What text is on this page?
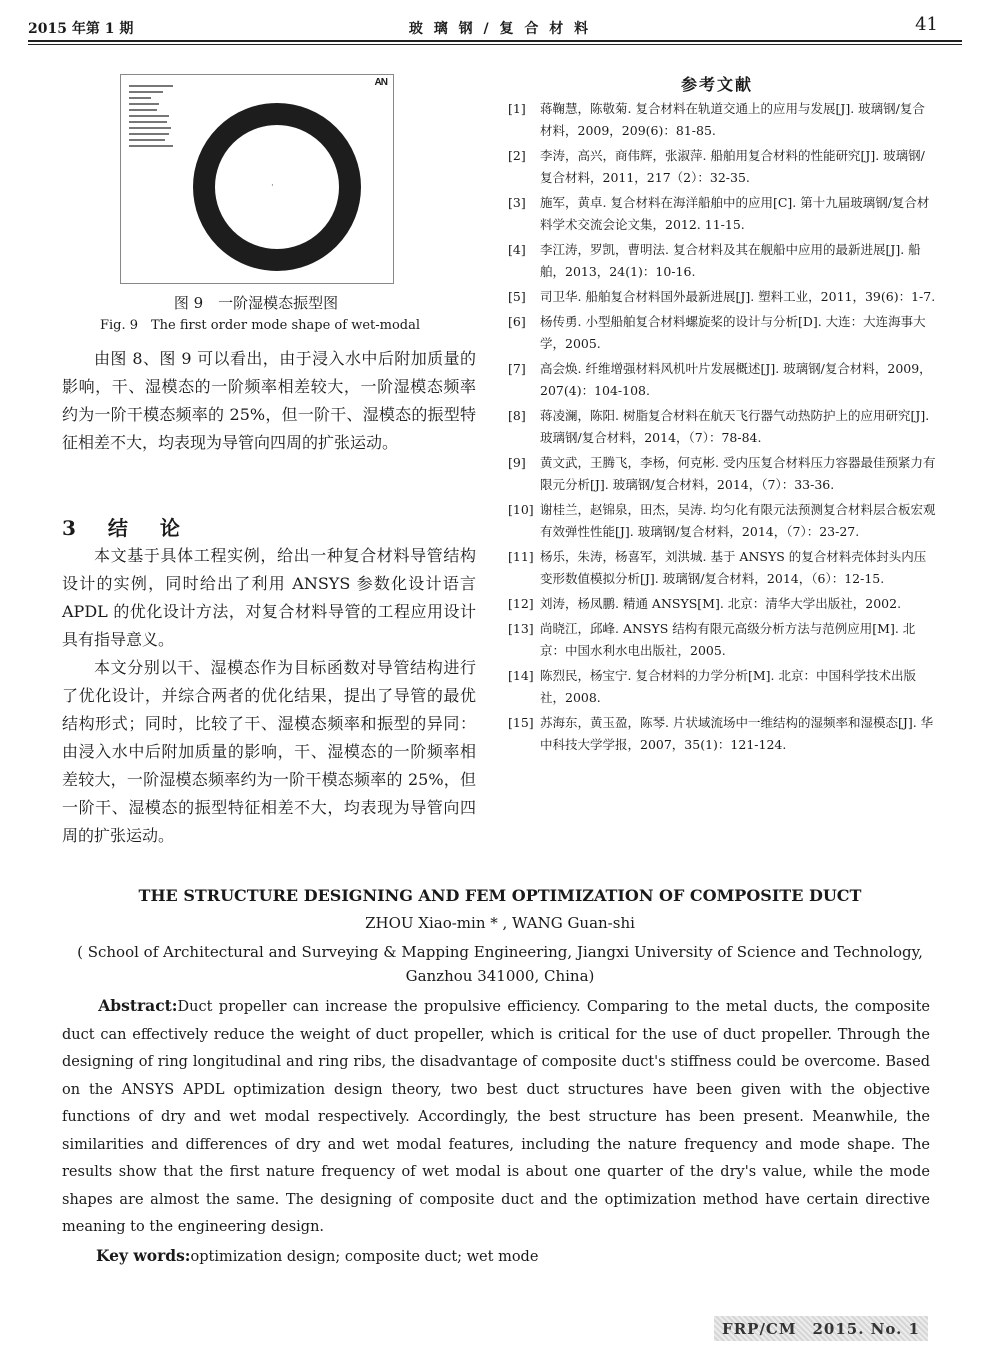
2015 年第 1 期	玻 璃 钢 / 复 合 材 料	41
AN
·
图 9　一阶湿模态振型图
Fig. 9　The first order mode shape of wet-modal

由图 8、图 9 可以看出，由于浸入水中后附加质量的影响，干、湿模态的一阶频率相差较大，一阶湿模态频率约为一阶干模态频率的 25%，但一阶干、湿模态的振型特征相差不大，均表现为导管向四周的扩张运动。

3　结　论

本文基于具体工程实例，给出一种复合材料导管结构设计的实例，同时给出了利用 ANSYS 参数化设计语言 APDL 的优化设计方法，对复合材料导管的工程应用设计具有指导意义。

本文分别以干、湿模态作为目标函数对导管结构进行了优化设计，并综合两者的优化结果，提出了导管的最优结构形式；同时，比较了干、湿模态频率和振型的异同：由浸入水中后附加质量的影响，干、湿模态的一阶频率相差较大，一阶湿模态频率约为一阶干模态频率的 25%，但一阶干、湿模态的振型特征相差不大，均表现为导管向四周的扩张运动。

参考文献
[1] 蒋鞠慧，陈敬菊. 复合材料在轨道交通上的应用与发展[J]. 玻璃钢/复合材料，2009，209(6)：81-85.
[2] 李涛，高兴，商伟辉，张淑萍. 船舶用复合材料的性能研究[J]. 玻璃钢/复合材料，2011，217（2）：32-35.
[3] 施军，黄卓. 复合材料在海洋船舶中的应用[C]. 第十九届玻璃钢/复合材料学术交流会论文集，2012. 11-15.
[4] 李江涛，罗凯，曹明法. 复合材料及其在舰船中应用的最新进展[J]. 船舶，2013，24(1)：10-16.
[5] 司卫华. 船舶复合材料国外最新进展[J]. 塑料工业，2011，39(6)：1-7.
[6] 杨传勇. 小型船舶复合材料螺旋桨的设计与分析[D]. 大连：大连海事大学，2005.
[7] 高会焕. 纤维增强材料风机叶片发展概述[J]. 玻璃钢/复合材料，2009，207(4)：104-108.
[8] 蒋凌澜，陈阳. 树脂复合材料在航天飞行器气动热防护上的应用研究[J]. 玻璃钢/复合材料，2014，（7）：78-84.
[9] 黄文武，王腾飞，李杨，何克彬. 受内压复合材料压力容器最佳预紧力有限元分析[J]. 玻璃钢/复合材料，2014，（7）：33-36.
[10] 谢桂兰，赵锦泉，田杰，吴涛. 均匀化有限元法预测复合材料层合板宏观有效弹性性能[J]. 玻璃钢/复合材料，2014，（7）：23-27.
[11] 杨乐，朱涛，杨喜军，刘洪城. 基于 ANSYS 的复合材料壳体封头内压变形数值模拟分析[J]. 玻璃钢/复合材料，2014，（6）：12-15.
[12] 刘涛，杨凤鹏. 精通 ANSYS[M]. 北京：清华大学出版社，2002.
[13] 尚晓江，邱峰. ANSYS 结构有限元高级分析方法与范例应用[M]. 北京：中国水利水电出版社，2005.
[14] 陈烈民，杨宝宁. 复合材料的力学分析[M]. 北京：中国科学技术出版社，2008.
[15] 苏海东，黄玉盈，陈琴. 片状域流场中一维结构的湿频率和湿模态[J]. 华中科技大学学报，2007，35(1)：121-124.
THE STRUCTURE DESIGNING AND FEM OPTIMIZATION OF COMPOSITE DUCT
ZHOU Xiao-min * , WANG Guan-shi

( School of Architectural and Surveying & Mapping Engineering, Jiangxi University of Science and Technology, Ganzhou 341000, China)

Abstract:Duct propeller can increase the propulsive efficiency. Comparing to the metal ducts, the composite duct can effectively reduce the weight of duct propeller, which is critical for the use of duct propeller. Through the designing of ring longitudinal and ring ribs, the disadvantage of composite duct's stiffness could be overcome. Based on the ANSYS APDL optimization design theory, two best duct structures have been given with the objective functions of dry and wet modal respectively. Accordingly, the best structure has been present. Meanwhile, the similarities and differences of dry and wet modal features, including the nature frequency and mode shape. The results show that the first nature frequency of wet modal is about one quarter of the dry's value, while the mode shapes are almost the same. The designing of composite duct and the optimization method have certain directive meaning to the engineering design.

Key words:optimization design; composite duct; wet mode
FRP/CM　2015. No. 1
